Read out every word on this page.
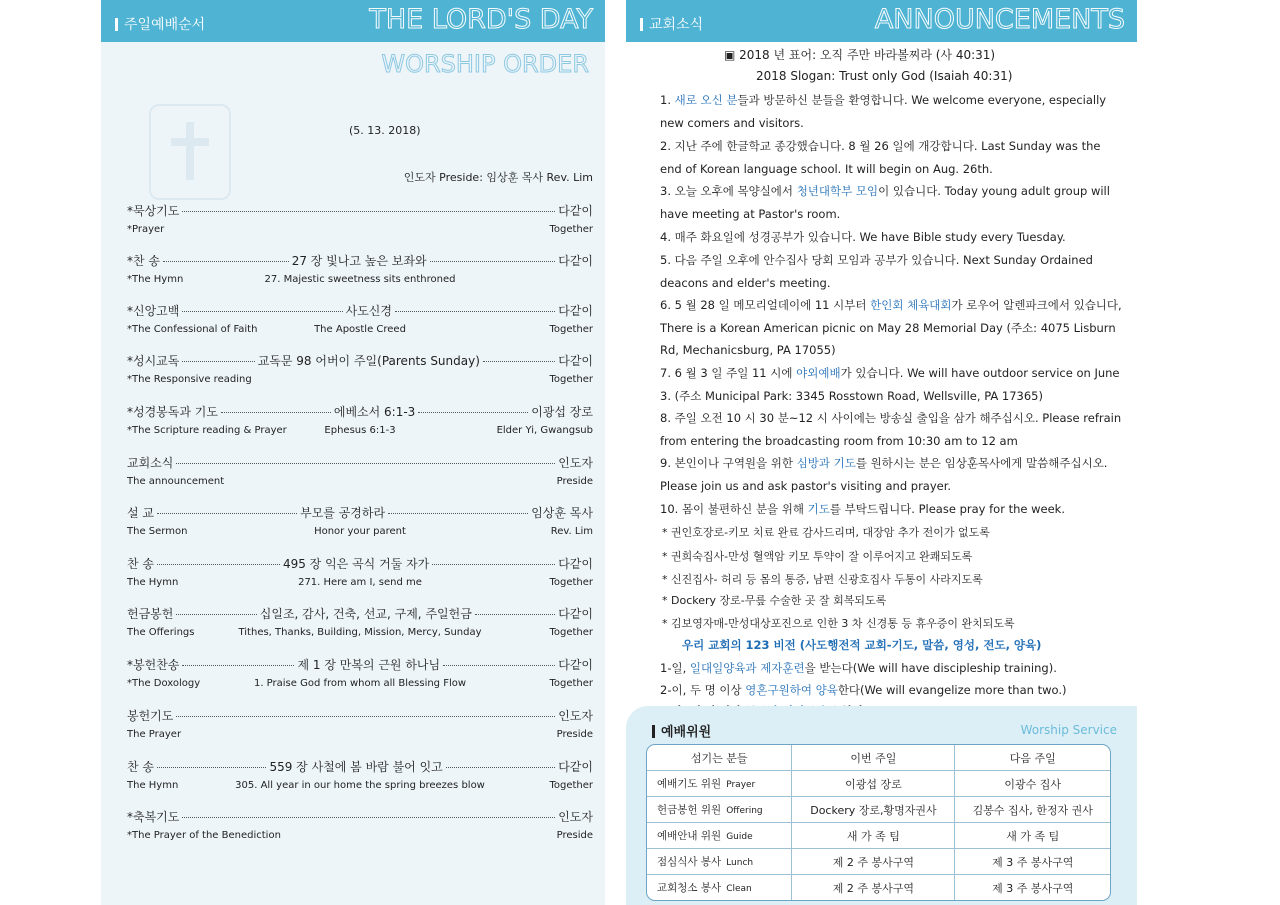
주일예배순서	THE LORD'S DAY
WORSHIP ORDER
(5. 13. 2018)
인도자 Preside: 임상훈 목사 Rev. Lim
*묵상기도	다같이
*Prayer	Together
*찬 송	27 장 빛나고 높은 보좌와	다같이
*The Hymn	27. Majestic sweetness sits enthroned
*신앙고백	사도신경	다같이
*The Confessional of Faith	The Apostle Creed	Together
*성시교독	교독문 98 어버이 주일(Parents Sunday)	다같이
*The Responsive reading	Together
*성경봉독과 기도	에베소서 6:1-3	이광섭 장로
*The Scripture reading & Prayer	Ephesus 6:1-3	Elder Yi, Gwangsub
교회소식	인도자
The announcement	Preside
설 교	부모를 공경하라	임상훈 목사
The Sermon	Honor your parent	Rev. Lim
찬 송	495 장 익은 곡식 거둘 자가	다같이
The Hymn	271. Here am I, send me	Together
헌금봉헌	십일조, 감사, 건축, 선교, 구제, 주일헌금	다같이
The Offerings	Tithes, Thanks, Building, Mission, Mercy, Sunday	Together
*봉헌찬송	제 1 장 만복의 근원 하나님	다같이
*The Doxology	1. Praise God from whom all Blessing Flow	Together
봉헌기도	인도자
The Prayer	Preside
찬 송	559 장 사철에 봄 바람 불어 잇고	다같이
The Hymn	305. All year in our home the spring breezes blow	Together
*축복기도	인도자
*The Prayer of the Benediction	Preside
교회소식	ANNOUNCEMENTS
▣ 2018 년 표어: 오직 주만 바라볼찌라 (사 40:31)
2018 Slogan: Trust only God (Isaiah 40:31)
1. 새로 오신 분들과 방문하신 분들을 환영합니다. We welcome everyone, especially new comers and visitors.
2. 지난 주에 한글학교 종강했습니다. 8 월 26 일에 개강합니다. Last Sunday was the end of Korean language school. It will begin on Aug. 26th.
3. 오늘 오후에 목양실에서 청년대학부 모임이 있습니다. Today young adult group will have meeting at Pastor's room.
4. 매주 화요일에 성경공부가 있습니다. We have Bible study every Tuesday.
5. 다음 주일 오후에 안수집사 당회 모임과 공부가 있습니다. Next Sunday Ordained deacons and elder's meeting.
6. 5 월 28 일 메모리얼데이에 11 시부터 한인회 체육대회가 로우어 알렌파크에서 있습니다, There is a Korean American picnic on May 28 Memorial Day (주소: 4075 Lisburn Rd, Mechanicsburg, PA 17055)
7. 6 월 3 일 주일 11 시에 야외예배가 있습니다. We will have outdoor service on June 3. (주소 Municipal Park: 3345 Rosstown Road, Wellsville, PA 17365)
8. 주일 오전 10 시 30 분~12 시 사이에는 방송실 출입을 삼가 해주십시오. Please refrain from entering the broadcasting room from 10:30 am to 12 am
9. 본인이나 구역원을 위한 심방과 기도를 원하시는 분은 임상훈목사에게 말씀해주십시오. Please join us and ask pastor's visiting and prayer.
10. 몸이 불편하신 분을 위해 기도를 부탁드립니다. Please pray for the week.
* 권인호장로-키모 치료 완료 감사드리며, 대장암 추가 전이가 없도록
* 권희숙집사-만성 혈액암 키모 투약이 잘 이루어지고 완쾌되도록
* 신진집사- 허리 등 몸의 통증, 남편 신광호집사 두통이 사라지도록
* Dockery 장로-무릎 수술한 곳 잘 회복되도록
* 김보영자매-만성대상포진으로 인한 3 차 신경통 등 휴우증이 완치되도록
우리 교회의 123 비전 (사도행전적 교회-기도, 말씀, 영성, 전도, 양육)
1-일, 일대일양육과 제자훈련을 받는다(We will have discipleship training).
2-이, 두 명 이상 영혼구원하여 양육한다(We will evangelize more than two.)
예배위원	Worship Service
섬기는 분들	이번 주일	다음 주일
예배기도 위원 Prayer	이광섭 장로	이광수 집사
헌금봉헌 위원 Offering	Dockery 장로,황명자권사	김봉수 집사, 한정자 권사
예배안내 위원 Guide	새 가 족 팀	새 가 족 팀
점심식사 봉사 Lunch	제 2 주 봉사구역	제 3 주 봉사구역
교회청소 봉사 Clean	제 2 주 봉사구역	제 3 주 봉사구역
